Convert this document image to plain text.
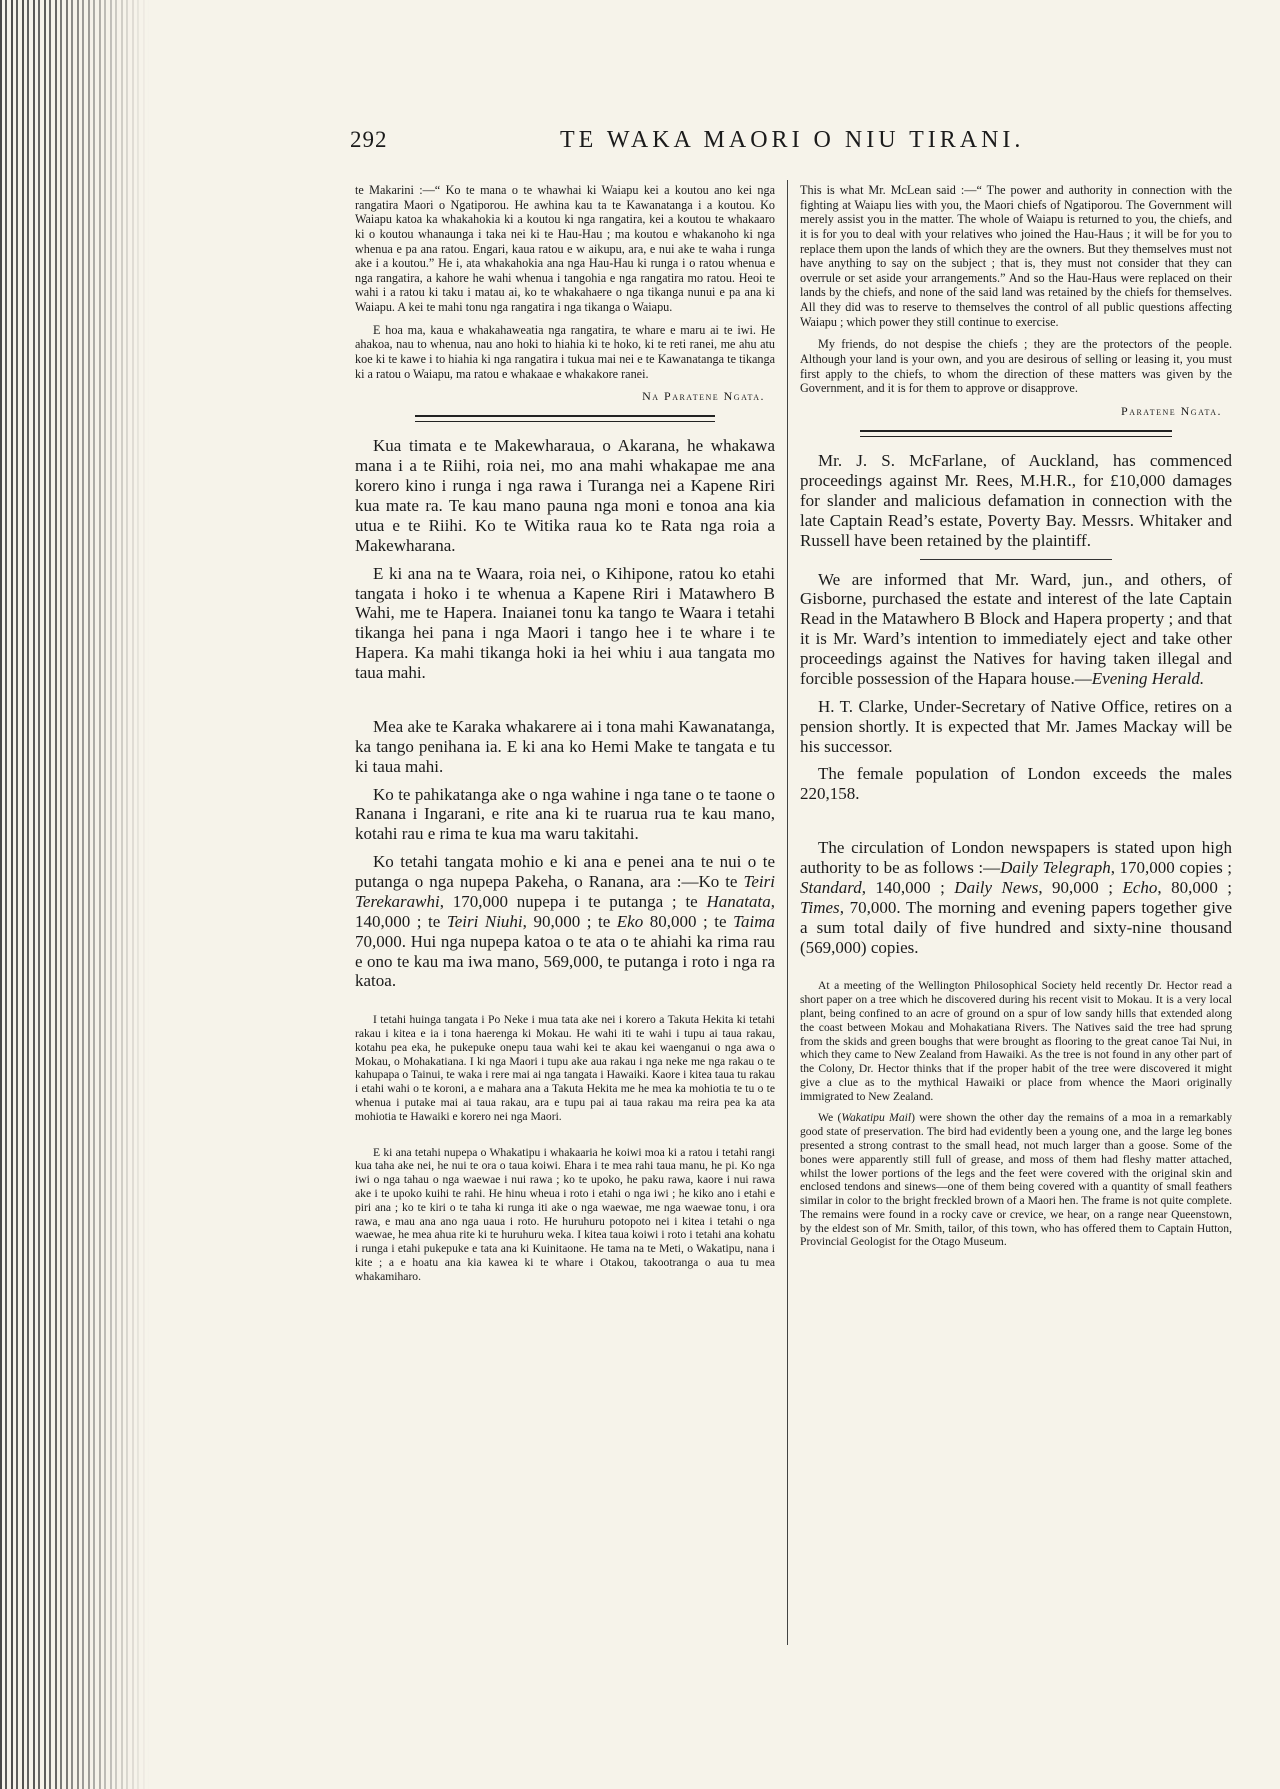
292	TE WAKA MAORI O NIU TIRANI.

te Makarini :—“ Ko te mana o te whawhai ki Waiapu kei a koutou ano kei nga rangatira Maori o Ngatiporou. He awhina kau ta te Kawanatanga i a koutou. Ko Waiapu katoa ka whakahokia ki a koutou ki nga rangatira, kei a koutou te whakaaro ki o koutou whanaunga i taka nei ki te Hau-Hau ; ma koutou e whakanoho ki nga whenua e pa ana ratou. Engari, kaua ratou e w aikupu, ara, e nui ake te waha i runga ake i a koutou.” He i, ata whakahokia ana nga Hau-Hau ki runga i o ratou whenua e nga rangatira, a kahore he wahi whenua i tangohia e nga rangatira mo ratou. Heoi te wahi i a ratou ki taku i matau ai, ko te whakahaere o nga tikanga nunui e pa ana ki Waiapu. A kei te mahi tonu nga rangatira i nga tikanga o Waiapu.

E hoa ma, kaua e whakahaweatia nga rangatira, te whare e maru ai te iwi. He ahakoa, nau to whenua, nau ano hoki to hiahia ki te hoko, ki te reti ranei, me ahu atu koe ki te kawe i to hiahia ki nga rangatira i tukua mai nei e te Kawanatanga te tikanga ki a ratou o Waiapu, ma ratou e whakaae e whakakore ranei.

Na Paratene Ngata.

Kua timata e te Makewharaua, o Akarana, he whakawa mana i a te Riihi, roia nei, mo ana mahi whakapae me ana korero kino i runga i nga rawa i Turanga nei a Kapene Riri kua mate ra. Te kau mano pauna nga moni e tonoa ana kia utua e te Riihi. Ko te Witika raua ko te Rata nga roia a Makewharana.

E ki ana na te Waara, roia nei, o Kihipone, ratou ko etahi tangata i hoko i te whenua a Kapene Riri i Matawhero B Wahi, me te Hapera. Inaianei tonu ka tango te Waara i tetahi tikanga hei pana i nga Maori i tango hee i te whare i te Hapera. Ka mahi tikanga hoki ia hei whiu i aua tangata mo taua mahi.

Mea ake te Karaka whakarere ai i tona mahi Kawanatanga, ka tango penihana ia. E ki ana ko Hemi Make te tangata e tu ki taua mahi.

Ko te pahikatanga ake o nga wahine i nga tane o te taone o Ranana i Ingarani, e rite ana ki te ruarua rua te kau mano, kotahi rau e rima te kua ma waru takitahi.

Ko tetahi tangata mohio e ki ana e penei ana te nui o te putanga o nga nupepa Pakeha, o Ranana, ara :—Ko te Teiri Terekarawhi, 170,000 nupepa i te putanga ; te Hanatata, 140,000 ; te Teiri Niuhi, 90,000 ; te Eko 80,000 ; te Taima 70,000. Hui nga nupepa katoa o te ata o te ahiahi ka rima rau e ono te kau ma iwa mano, 569,000, te putanga i roto i nga ra katoa.

I tetahi huinga tangata i Po Neke i mua tata ake nei i korero a Takuta Hekita ki tetahi rakau i kitea e ia i tona haerenga ki Mokau. He wahi iti te wahi i tupu ai taua rakau, kotahu pea eka, he pukepuke onepu taua wahi kei te akau kei waenganui o nga awa o Mokau, o Mohakatiana. I ki nga Maori i tupu ake aua rakau i nga neke me nga rakau o te kahupapa o Tainui, te waka i rere mai ai nga tangata i Hawaiki. Kaore i kitea taua tu rakau i etahi wahi o te koroni, a e mahara ana a Takuta Hekita me he mea ka mohiotia te tu o te whenua i putake mai ai taua rakau, ara e tupu pai ai taua rakau ma reira pea ka ata mohiotia te Hawaiki e korero nei nga Maori.

E ki ana tetahi nupepa o Whakatipu i whakaaria he koiwi moa ki a ratou i tetahi rangi kua taha ake nei, he nui te ora o taua koiwi. Ehara i te mea rahi taua manu, he pi. Ko nga iwi o nga tahau o nga waewae i nui rawa ; ko te upoko, he paku rawa, kaore i nui rawa ake i te upoko kuihi te rahi. He hinu wheua i roto i etahi o nga iwi ; he kiko ano i etahi e piri ana ; ko te kiri o te taha ki runga iti ake o nga waewae, me nga waewae tonu, i ora rawa, e mau ana ano nga uaua i roto. He huruhuru potopoto nei i kitea i tetahi o nga waewae, he mea ahua rite ki te huruhuru weka. I kitea taua koiwi i roto i tetahi ana kohatu i runga i etahi pukepuke e tata ana ki Kuinitaone. He tama na te Meti, o Wakatipu, nana i kite ; a e hoatu ana kia kawea ki te whare i Otakou, takootranga o aua tu mea whakamiharo.

This is what Mr. McLean said :—“ The power and authority in connection with the fighting at Waiapu lies with you, the Maori chiefs of Ngatiporou. The Government will merely assist you in the matter. The whole of Waiapu is returned to you, the chiefs, and it is for you to deal with your relatives who joined the Hau-Haus ; it will be for you to replace them upon the lands of which they are the owners. But they themselves must not have anything to say on the subject ; that is, they must not consider that they can overrule or set aside your arrangements.” And so the Hau-Haus were replaced on their lands by the chiefs, and none of the said land was retained by the chiefs for themselves. All they did was to reserve to themselves the control of all public questions affecting Waiapu ; which power they still continue to exercise.

My friends, do not despise the chiefs ; they are the protectors of the people. Although your land is your own, and you are desirous of selling or leasing it, you must first apply to the chiefs, to whom the direction of these matters was given by the Government, and it is for them to approve or disapprove.

Paratene Ngata.

Mr. J. S. McFarlane, of Auckland, has commenced proceedings against Mr. Rees, M.H.R., for £10,000 damages for slander and malicious defamation in connection with the late Captain Read’s estate, Poverty Bay. Messrs. Whitaker and Russell have been retained by the plaintiff.

We are informed that Mr. Ward, jun., and others, of Gisborne, purchased the estate and interest of the late Captain Read in the Matawhero B Block and Hapera property ; and that it is Mr. Ward’s intention to immediately eject and take other proceedings against the Natives for having taken illegal and forcible possession of the Hapara house.—Evening Herald.

H. T. Clarke, Under-Secretary of Native Office, retires on a pension shortly. It is expected that Mr. James Mackay will be his successor.

The female population of London exceeds the males 220,158.

The circulation of London newspapers is stated upon high authority to be as follows :—Daily Telegraph, 170,000 copies ; Standard, 140,000 ; Daily News, 90,000 ; Echo, 80,000 ; Times, 70,000. The morning and evening papers together give a sum total daily of five hundred and sixty-nine thousand (569,000) copies.

At a meeting of the Wellington Philosophical Society held recently Dr. Hector read a short paper on a tree which he discovered during his recent visit to Mokau. It is a very local plant, being confined to an acre of ground on a spur of low sandy hills that extended along the coast between Mokau and Mohakatiana Rivers. The Natives said the tree had sprung from the skids and green boughs that were brought as flooring to the great canoe Tai Nui, in which they came to New Zealand from Hawaiki. As the tree is not found in any other part of the Colony, Dr. Hector thinks that if the proper habit of the tree were discovered it might give a clue as to the mythical Hawaiki or place from whence the Maori originally immigrated to New Zealand.

We (Wakatipu Mail) were shown the other day the remains of a moa in a remarkably good state of preservation. The bird had evidently been a young one, and the large leg bones presented a strong contrast to the small head, not much larger than a goose. Some of the bones were apparently still full of grease, and moss of them had fleshy matter attached, whilst the lower portions of the legs and the feet were covered with the original skin and enclosed tendons and sinews—one of them being covered with a quantity of small feathers similar in color to the bright freckled brown of a Maori hen. The frame is not quite complete. The remains were found in a rocky cave or crevice, we hear, on a range near Queenstown, by the eldest son of Mr. Smith, tailor, of this town, who has offered them to Captain Hutton, Provincial Geologist for the Otago Museum.
